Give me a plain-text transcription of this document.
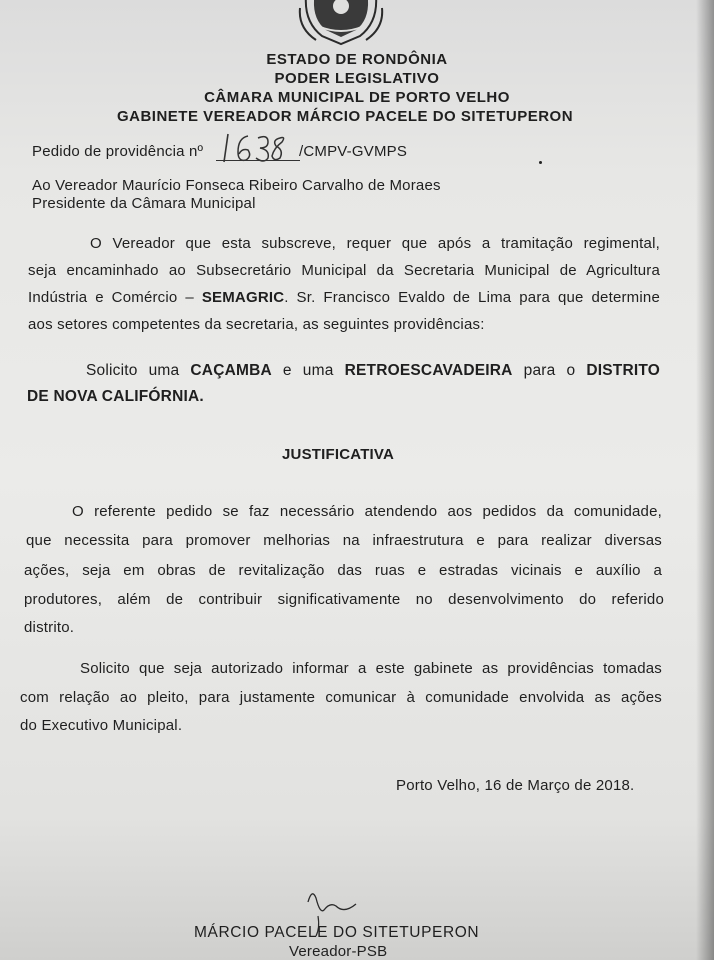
ESTADO DE RONDÔNIA
PODER LEGISLATIVO
CÂMARA MUNICIPAL DE PORTO VELHO
GABINETE VEREADOR MÁRCIO PACELE DO SITETUPERON
Pedido de providência nº
1638
/CMPV-GVMPS
Ao Vereador Maurício Fonseca Ribeiro Carvalho de Moraes
Presidente da Câmara Municipal
O Vereador que esta subscreve, requer que após a tramitação regimental,
seja encaminhado ao Subsecretário Municipal da Secretaria Municipal de Agricultura
Indústria e Comércio – SEMAGRIC. Sr. Francisco Evaldo de Lima para que determine
aos setores competentes da secretaria, as seguintes providências:
Solicito uma CAÇAMBA e uma RETROESCAVADEIRA para o DISTRITO
DE NOVA CALIFÓRNIA.
JUSTIFICATIVA
O referente pedido se faz necessário atendendo aos pedidos da comunidade,
que necessita para promover melhorias na infraestrutura e para realizar diversas
ações, seja em obras de revitalização das ruas e estradas vicinais e auxílio a
produtores, além de contribuir significativamente no desenvolvimento do referido
distrito.
Solicito que seja autorizado informar a este gabinete as providências tomadas
com relação ao pleito, para justamente comunicar à comunidade envolvida as ações
do Executivo Municipal.
Porto Velho, 16 de Março de 2018.
MÁRCIO PACELE DO SITETUPERON
Vereador-PSB
